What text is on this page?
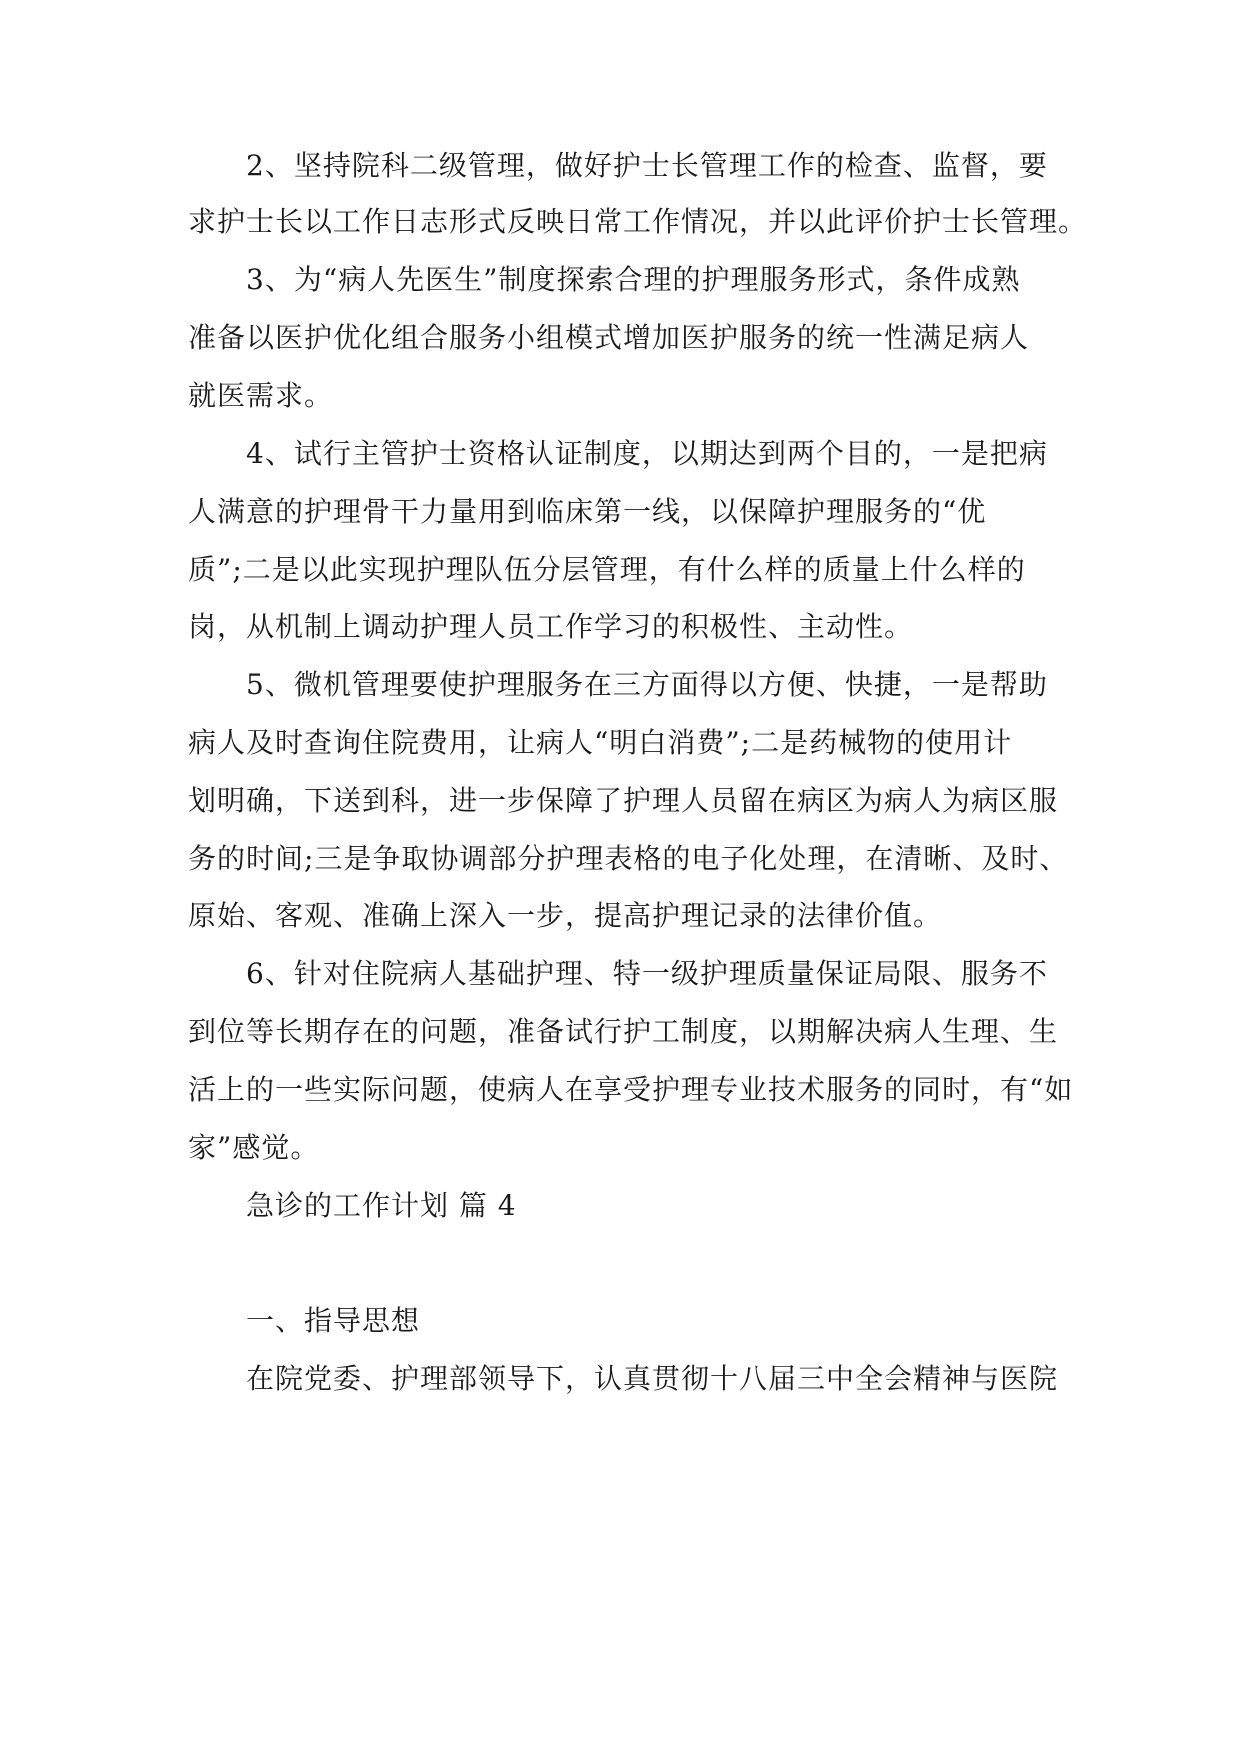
2、坚持院科二级管理，做好护士长管理工作的检查、监督，要
求护士长以工作日志形式反映日常工作情况，并以此评价护士长管理。
3、为“病人先医生”制度探索合理的护理服务形式，条件成熟
准备以医护优化组合服务小组模式增加医护服务的统一性满足病人
就医需求。
4、试行主管护士资格认证制度，以期达到两个目的，一是把病
人满意的护理骨干力量用到临床第一线，以保障护理服务的“优
质”;二是以此实现护理队伍分层管理，有什么样的质量上什么样的
岗，从机制上调动护理人员工作学习的积极性、主动性。
5、微机管理要使护理服务在三方面得以方便、快捷，一是帮助
病人及时查询住院费用，让病人“明白消费”;二是药械物的使用计
划明确，下送到科，进一步保障了护理人员留在病区为病人为病区服
务的时间;三是争取协调部分护理表格的电子化处理，在清晰、及时、
原始、客观、准确上深入一步，提高护理记录的法律价值。
6、针对住院病人基础护理、特一级护理质量保证局限、服务不
到位等长期存在的问题，准备试行护工制度，以期解决病人生理、生
活上的一些实际问题，使病人在享受护理专业技术服务的同时，有“如
家”感觉。
急诊的工作计划 篇 4
一、指导思想
在院党委、护理部领导下，认真贯彻十八届三中全会精神与医院
